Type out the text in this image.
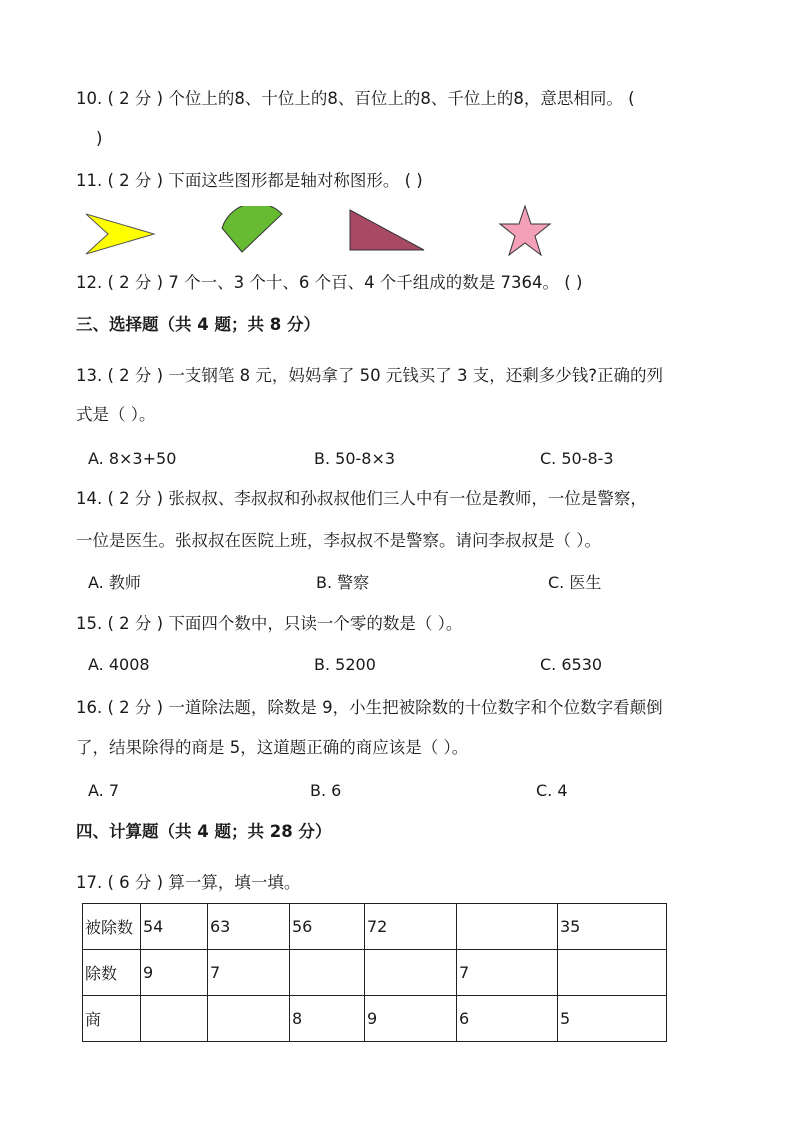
10. ( 2 分 ) 个位上的8、十位上的8、百位上的8、千位上的8，意思相同。 (
)
11. ( 2 分 ) 下面这些图形都是轴对称图形。 ( )
12. ( 2 分 ) 7 个一、3 个十、6 个百、4 个千组成的数是 7364。 ( )
三、选择题（共 4 题；共 8 分）
13. ( 2 分 ) 一支钢笔 8 元，妈妈拿了 50 元钱买了 3 支，还剩多少钱?正确的列
式是（ ）。
A. 8×3+50	B. 50-8×3	C. 50-8-3
14. ( 2 分 ) 张叔叔、李叔叔和孙叔叔他们三人中有一位是教师，一位是警察，
一位是医生。张叔叔在医院上班，李叔叔不是警察。请问李叔叔是（ ）。
A. 教师	B. 警察	C. 医生
15. ( 2 分 ) 下面四个数中，只读一个零的数是（ ）。
A. 4008	B. 5200	C. 6530
16. ( 2 分 ) 一道除法题，除数是 9，小生把被除数的十位数字和个位数字看颠倒
了，结果除得的商是 5，这道题正确的商应该是（ ）。
A. 7	B. 6	C. 4
四、计算题（共 4 题；共 28 分）
17. ( 6 分 ) 算一算，填一填。
被除数	54	63	56	72		35
除数	9	7			7	
商			8	9	6	5
